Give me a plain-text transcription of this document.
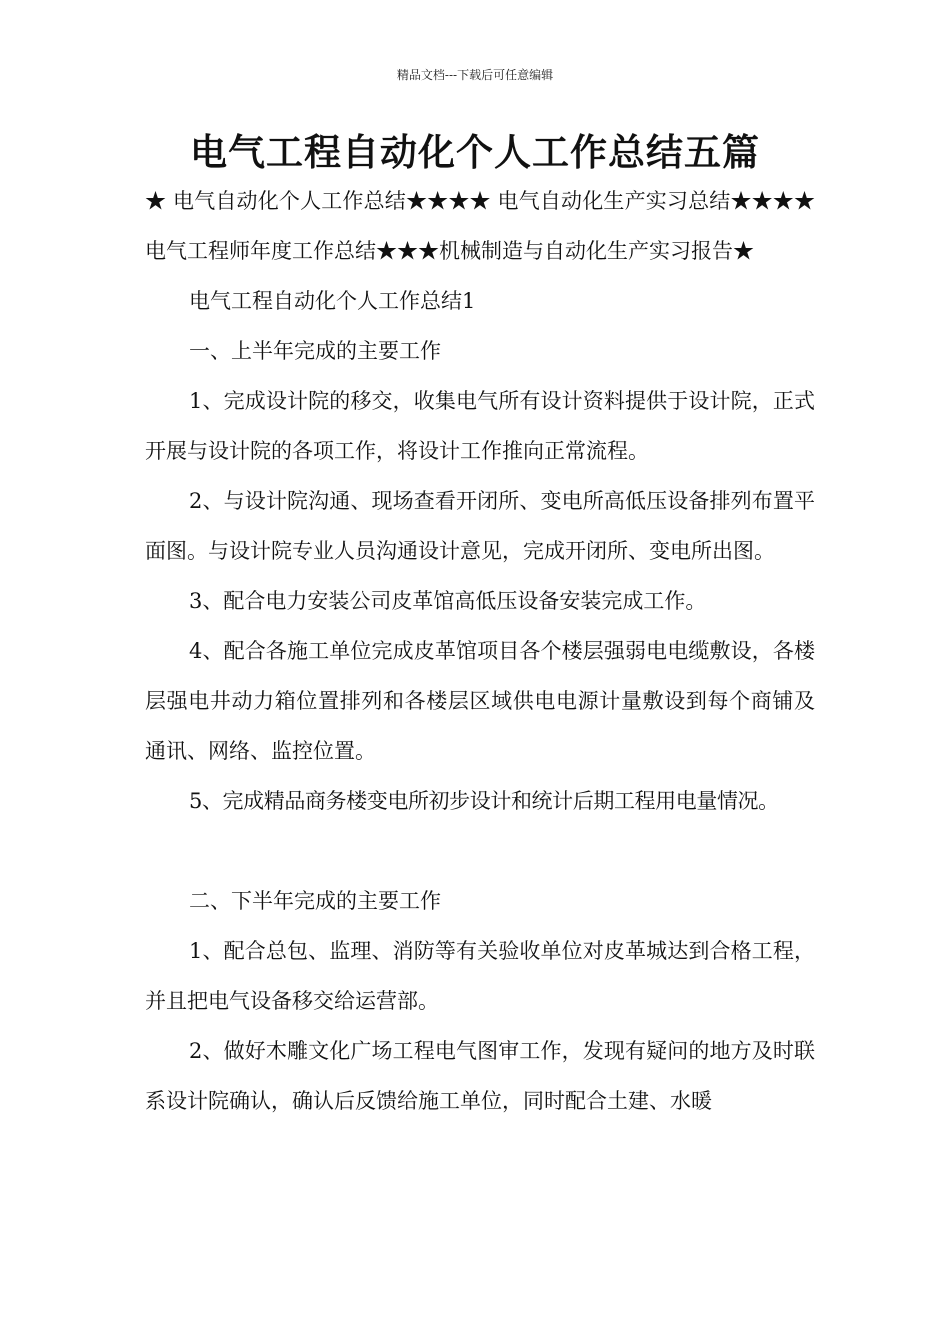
精品文档---下载后可任意编辑
电气工程自动化个人工作总结五篇

★ 电气自动化个人工作总结★★★★ 电气自动化生产实习总结★★★★ 电气工程师年度工作总结★★★机械制造与自动化生产实习报告★

电气工程自动化个人工作总结1

一、上半年完成的主要工作

1、完成设计院的移交，收集电气所有设计资料提供于设计院，正式开展与设计院的各项工作，将设计工作推向正常流程。

2、与设计院沟通、现场查看开闭所、变电所高低压设备排列布置平面图。与设计院专业人员沟通设计意见，完成开闭所、变电所出图。

3、配合电力安装公司皮革馆高低压设备安装完成工作。

4、配合各施工单位完成皮革馆项目各个楼层强弱电电缆敷设，各楼层强电井动力箱位置排列和各楼层区域供电电源计量敷设到每个商铺及通讯、网络、监控位置。

5、完成精品商务楼变电所初步设计和统计后期工程用电量情况。

二、下半年完成的主要工作

1、配合总包、监理、消防等有关验收单位对皮革城达到合格工程，并且把电气设备移交给运营部。

2、做好木雕文化广场工程电气图审工作，发现有疑问的地方及时联系设计院确认，确认后反馈给施工单位，同时配合土建、水暖
